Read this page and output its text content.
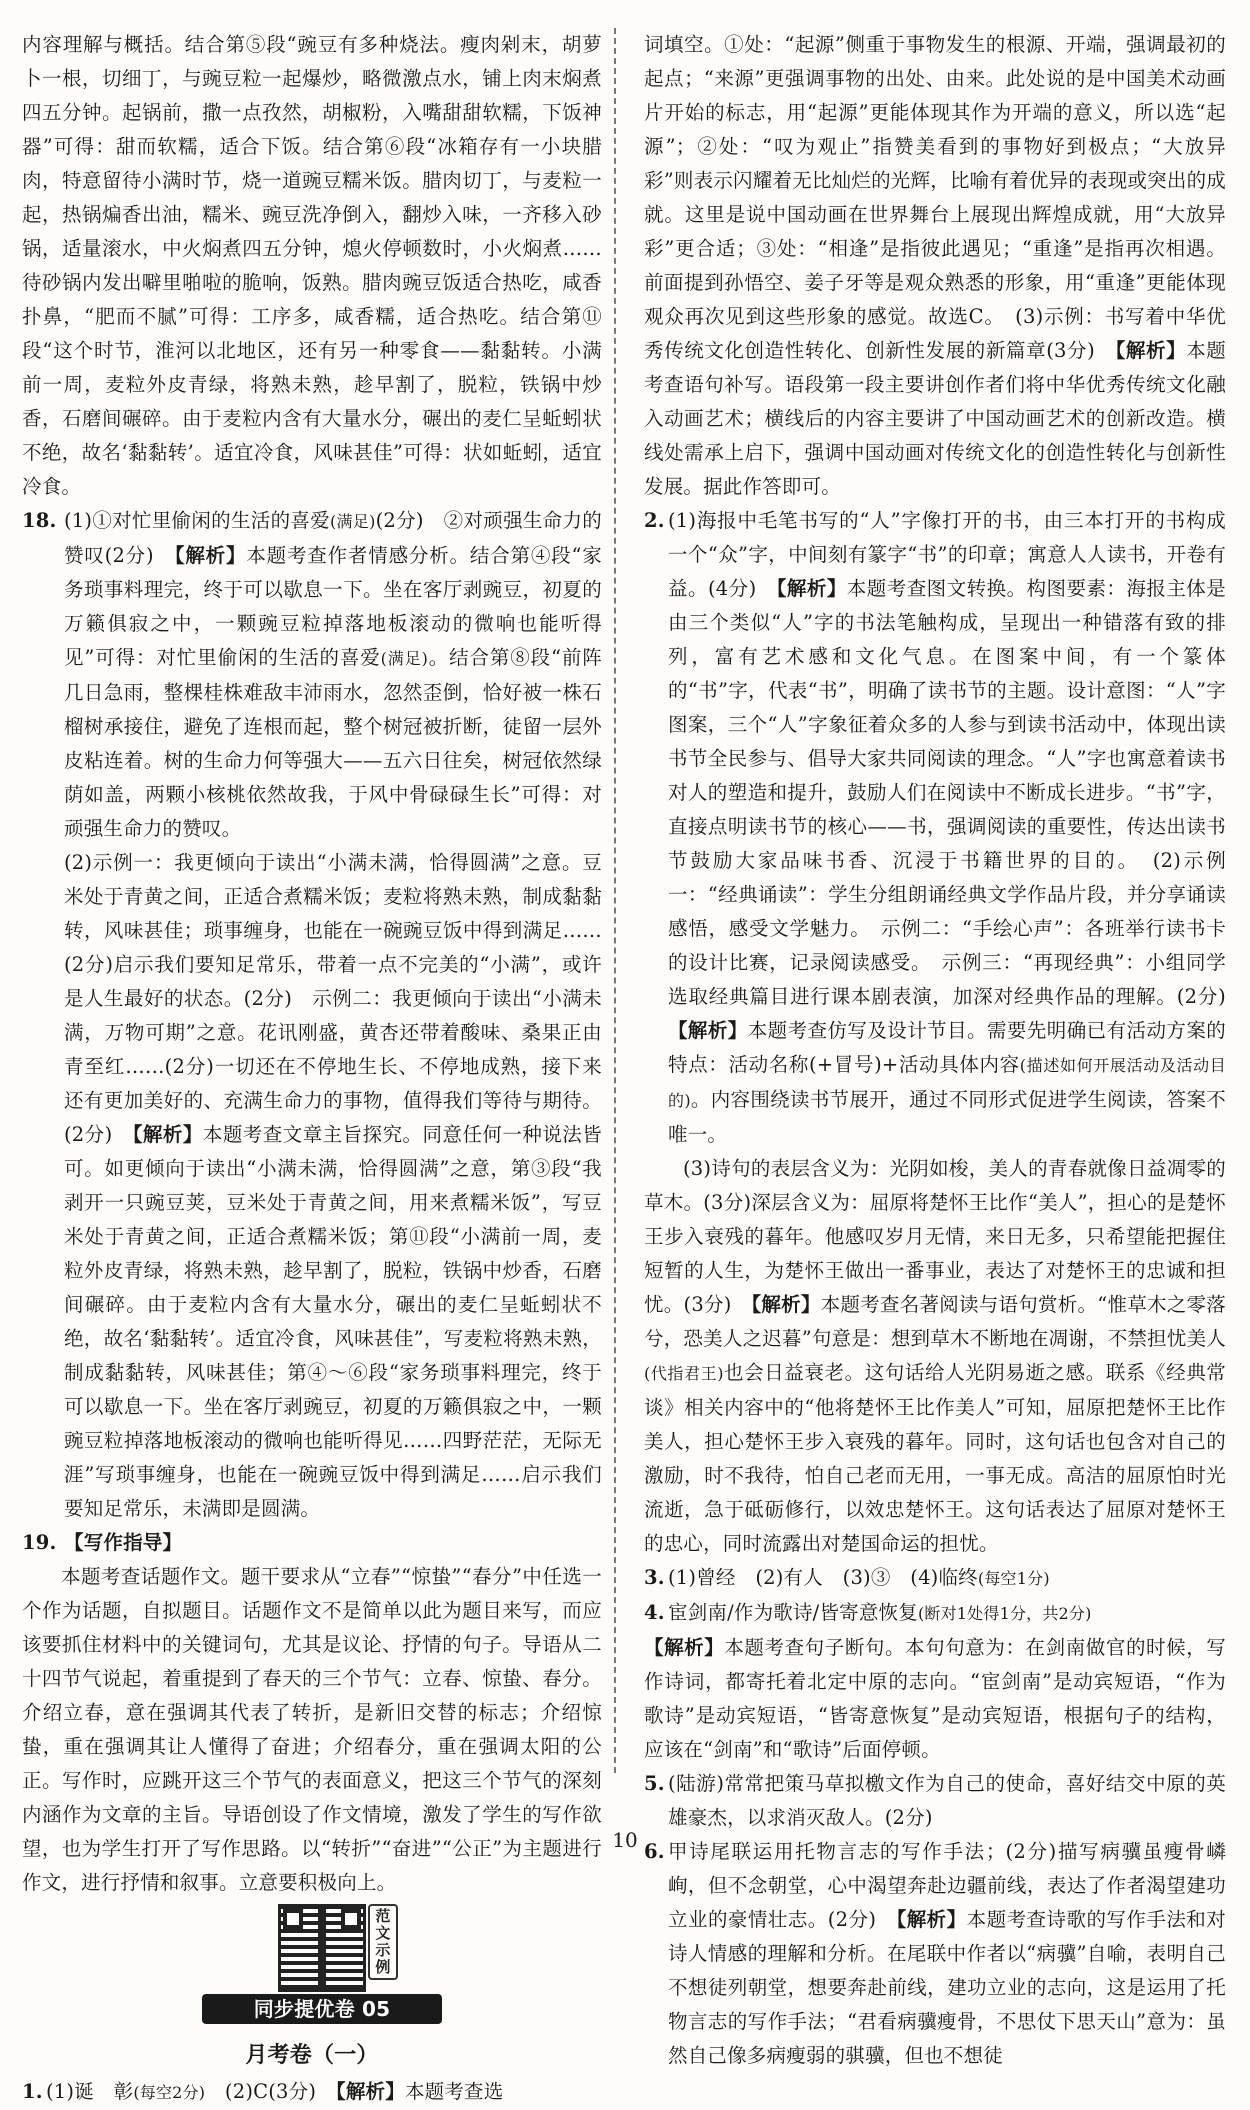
内容理解与概括。结合第⑤段“豌豆有多种烧法。瘦肉剁末，胡萝卜一根，切细丁，与豌豆粒一起爆炒，略微激点水，铺上肉末焖煮四五分钟。起锅前，撒一点孜然，胡椒粉，入嘴甜甜软糯，下饭神器”可得：甜而软糯，适合下饭。结合第⑥段“冰箱存有一小块腊肉，特意留待小满时节，烧一道豌豆糯米饭。腊肉切丁，与麦粒一起，热锅煸香出油，糯米、豌豆洗净倒入，翻炒入味，一齐移入砂锅，适量滚水，中火焖煮四五分钟，熄火停顿数时，小火焖煮……待砂锅内发出噼里啪啦的脆响，饭熟。腊肉豌豆饭适合热吃，咸香扑鼻，“肥而不腻”可得：工序多，咸香糯，适合热吃。结合第⑪段“这个时节，淮河以北地区，还有另一种零食——黏黏转。小满前一周，麦粒外皮青绿，将熟未熟，趁早割了，脱粒，铁锅中炒香，石磨间碾碎。由于麦粒内含有大量水分，碾出的麦仁呈蚯蚓状不绝，故名‘黏黏转’。适宜冷食，风味甚佳”可得：状如蚯蚓，适宜冷食。

18. (1)①对忙里偷闲的生活的喜爱(满足)(2分)　②对顽强生命力的赞叹(2分)　【解析】本题考查作者情感分析。结合第④段“家务琐事料理完，终于可以歇息一下。坐在客厅剥豌豆，初夏的万籁俱寂之中，一颗豌豆粒掉落地板滚动的微响也能听得见”可得：对忙里偷闲的生活的喜爱(满足)。结合第⑧段“前阵几日急雨，整棵桂株难敌丰沛雨水，忽然歪倒，恰好被一株石榴树承接住，避免了连根而起，整个树冠被折断，徒留一层外皮粘连着。树的生命力何等强大——五六日往矣，树冠依然绿荫如盖，两颗小核桃依然故我，于风中骨碌碌生长”可得：对顽强生命力的赞叹。

(2)示例一：我更倾向于读出“小满未满，恰得圆满”之意。豆米处于青黄之间，正适合煮糯米饭；麦粒将熟未熟，制成黏黏转，风味甚佳；琐事缠身，也能在一碗豌豆饭中得到满足……(2分)启示我们要知足常乐，带着一点不完美的“小满”，或许是人生最好的状态。(2分)　示例二：我更倾向于读出“小满未满，万物可期”之意。花讯刚盛，黄杏还带着酸味、桑果正由青至红……(2分)一切还在不停地生长、不停地成熟，接下来还有更加美好的、充满生命力的事物，值得我们等待与期待。(2分)　【解析】本题考查文章主旨探究。同意任何一种说法皆可。如更倾向于读出“小满未满，恰得圆满”之意，第③段“我剥开一只豌豆荚，豆米处于青黄之间，用来煮糯米饭”，写豆米处于青黄之间，正适合煮糯米饭；第⑪段“小满前一周，麦粒外皮青绿，将熟未熟，趁早割了，脱粒，铁锅中炒香，石磨间碾碎。由于麦粒内含有大量水分，碾出的麦仁呈蚯蚓状不绝，故名‘黏黏转’。适宜冷食，风味甚佳”，写麦粒将熟未熟，制成黏黏转，风味甚佳；第④～⑥段“家务琐事料理完，终于可以歇息一下。坐在客厅剥豌豆，初夏的万籁俱寂之中，一颗豌豆粒掉落地板滚动的微响也能听得见……四野茫茫，无际无涯”写琐事缠身，也能在一碗豌豆饭中得到满足……启示我们要知足常乐，未满即是圆满。

19. 【写作指导】

本题考查话题作文。题干要求从“立春”“惊蛰”“春分”中任选一个作为话题，自拟题目。话题作文不是简单以此为题目来写，而应该要抓住材料中的关键词句，尤其是议论、抒情的句子。导语从二十四节气说起，着重提到了春天的三个节气：立春、惊蛰、春分。介绍立春，意在强调其代表了转折，是新旧交替的标志；介绍惊蛰，重在强调其让人懂得了奋进；介绍春分，重在强调太阳的公正。写作时，应跳开这三个节气的表面意义，把这三个节气的深刻内涵作为文章的主旨。导语创设了作文情境，激发了学生的写作欲望，也为学生打开了写作思路。以“转折”“奋进”“公正”为主题进行作文，进行抒情和叙事。立意要积极向上。

范文示例
同步提优卷 05

月考卷（一）

1. (1)诞　彰(每空2分)　(2)C(3分)　【解析】本题考查选

词填空。①处：“起源”侧重于事物发生的根源、开端，强调最初的起点；“来源”更强调事物的出处、由来。此处说的是中国美术动画片开始的标志，用“起源”更能体现其作为开端的意义，所以选“起源”；②处：“叹为观止”指赞美看到的事物好到极点；“大放异彩”则表示闪耀着无比灿烂的光辉，比喻有着优异的表现或突出的成就。这里是说中国动画在世界舞台上展现出辉煌成就，用“大放异彩”更合适；③处：“相逢”是指彼此遇见；“重逢”是指再次相遇。前面提到孙悟空、姜子牙等是观众熟悉的形象，用“重逢”更能体现观众再次见到这些形象的感觉。故选C。　(3)示例：书写着中华优秀传统文化创造性转化、创新性发展的新篇章(3分)　【解析】本题考查语句补写。语段第一段主要讲创作者们将中华优秀传统文化融入动画艺术；横线后的内容主要讲了中国动画艺术的创新改造。横线处需承上启下，强调中国动画对传统文化的创造性转化与创新性发展。据此作答即可。

2. (1)海报中毛笔书写的“人”字像打开的书，由三本打开的书构成一个“众”字，中间刻有篆字“书”的印章；寓意人人读书，开卷有益。(4分)　【解析】本题考查图文转换。构图要素：海报主体是由三个类似“人”字的书法笔触构成，呈现出一种错落有致的排列，富有艺术感和文化气息。在图案中间，有一个篆体的“书”字，代表“书”，明确了读书节的主题。设计意图：“人”字图案，三个“人”字象征着众多的人参与到读书活动中，体现出读书节全民参与、倡导大家共同阅读的理念。“人”字也寓意着读书对人的塑造和提升，鼓励人们在阅读中不断成长进步。“书”字，直接点明读书节的核心——书，强调阅读的重要性，传达出读书节鼓励大家品味书香、沉浸于书籍世界的目的。　(2)示例一：“经典诵读”：学生分组朗诵经典文学作品片段，并分享诵读感悟，感受文学魅力。　示例二：“手绘心声”：各班举行读书卡的设计比赛，记录阅读感受。　示例三：“再现经典”：小组同学选取经典篇目进行课本剧表演，加深对经典作品的理解。(2分)　【解析】本题考查仿写及设计节目。需要先明确已有活动方案的特点：活动名称(+冒号)+活动具体内容(描述如何开展活动及活动目的)。内容围绕读书节展开，通过不同形式促进学生阅读，答案不唯一。

(3)诗句的表层含义为：光阴如梭，美人的青春就像日益凋零的草木。(3分)深层含义为：屈原将楚怀王比作“美人”，担心的是楚怀王步入衰残的暮年。他感叹岁月无情，来日无多，只希望能把握住短暂的人生，为楚怀王做出一番事业，表达了对楚怀王的忠诚和担忧。(3分)　【解析】本题考查名著阅读与语句赏析。“惟草木之零落兮，恐美人之迟暮”句意是：想到草木不断地在凋谢，不禁担忧美人(代指君王)也会日益衰老。这句话给人光阴易逝之感。联系《经典常谈》相关内容中的“他将楚怀王比作美人”可知，屈原把楚怀王比作美人，担心楚怀王步入衰残的暮年。同时，这句话也包含对自己的激励，时不我待，怕自己老而无用，一事无成。高洁的屈原怕时光流逝，急于砥砺修行，以效忠楚怀王。这句话表达了屈原对楚怀王的忠心，同时流露出对楚国命运的担忧。

3. (1)曾经　(2)有人　(3)③　(4)临终(每空1分)

4. 宦剑南/作为歌诗/皆寄意恢复(断对1处得1分，共2分)

【解析】本题考查句子断句。本句句意为：在剑南做官的时候，写作诗词，都寄托着北定中原的志向。“宦剑南”是动宾短语，“作为歌诗”是动宾短语，“皆寄意恢复”是动宾短语，根据句子的结构，应该在“剑南”和“歌诗”后面停顿。

5. (陆游)常常把策马草拟檄文作为自己的使命，喜好结交中原的英雄豪杰，以求消灭敌人。(2分)

6. 甲诗尾联运用托物言志的写作手法；(2分)描写病骥虽瘦骨嶙峋，但不念朝堂，心中渴望奔赴边疆前线，表达了作者渴望建功立业的豪情壮志。(2分)　【解析】本题考查诗歌的写作手法和对诗人情感的理解和分析。在尾联中作者以“病骥”自喻，表明自己不想徒列朝堂，想要奔赴前线，建功立业的志向，这是运用了托物言志的写作手法；“君看病骥瘦骨，不思仗下思天山”意为：虽然自己像多病瘦弱的骐骥，但也不想徒

10
